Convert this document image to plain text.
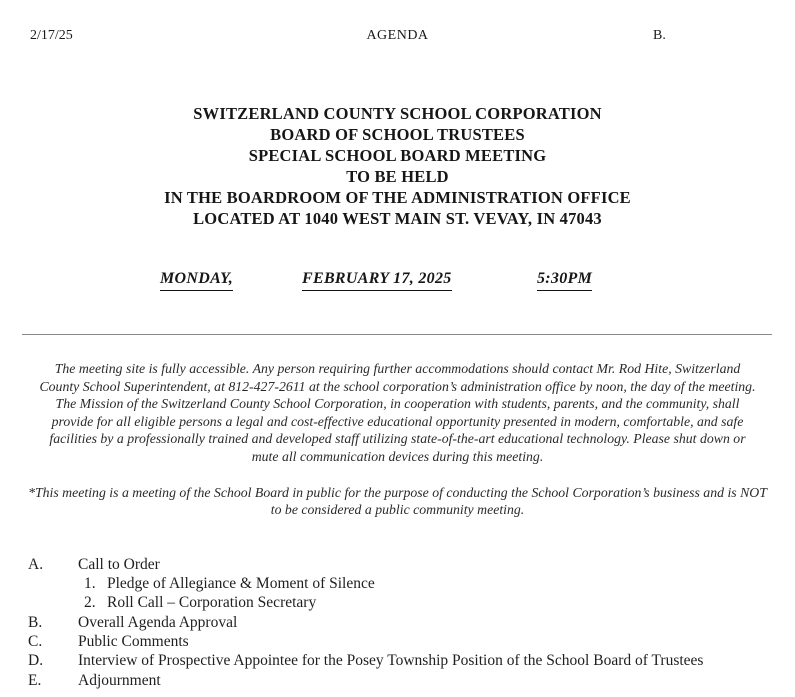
2/17/25	AGENDA	B.
SWITZERLAND COUNTY SCHOOL CORPORATION
BOARD OF SCHOOL TRUSTEES
SPECIAL SCHOOL BOARD MEETING
TO BE HELD
IN THE BOARDROOM OF THE ADMINISTRATION OFFICE
LOCATED AT 1040 WEST MAIN ST. VEVAY, IN 47043
MONDAY,	FEBRUARY 17, 2025	5:30PM

The meeting site is fully accessible. Any person requiring further accommodations should contact Mr. Rod Hite, Switzerland County School Superintendent, at 812-427-2611 at the school corporation’s administration office by noon, the day of the meeting. The Mission of the Switzerland County School Corporation, in cooperation with students, parents, and the community, shall provide for all eligible persons a legal and cost-effective educational opportunity presented in modern, comfortable, and safe facilities by a professionally trained and developed staff utilizing state-of-the-art educational technology. Please shut down or mute all communication devices during this meeting.

*This meeting is a meeting of the School Board in public for the purpose of conducting the School Corporation’s business and is NOT to be considered a public community meeting.

A. Call to Order
1. Pledge of Allegiance & Moment of Silence
2. Roll Call – Corporation Secretary
B. Overall Agenda Approval
C. Public Comments
D. Interview of Prospective Appointee for the Posey Township Position of the School Board of Trustees
E. Adjournment
